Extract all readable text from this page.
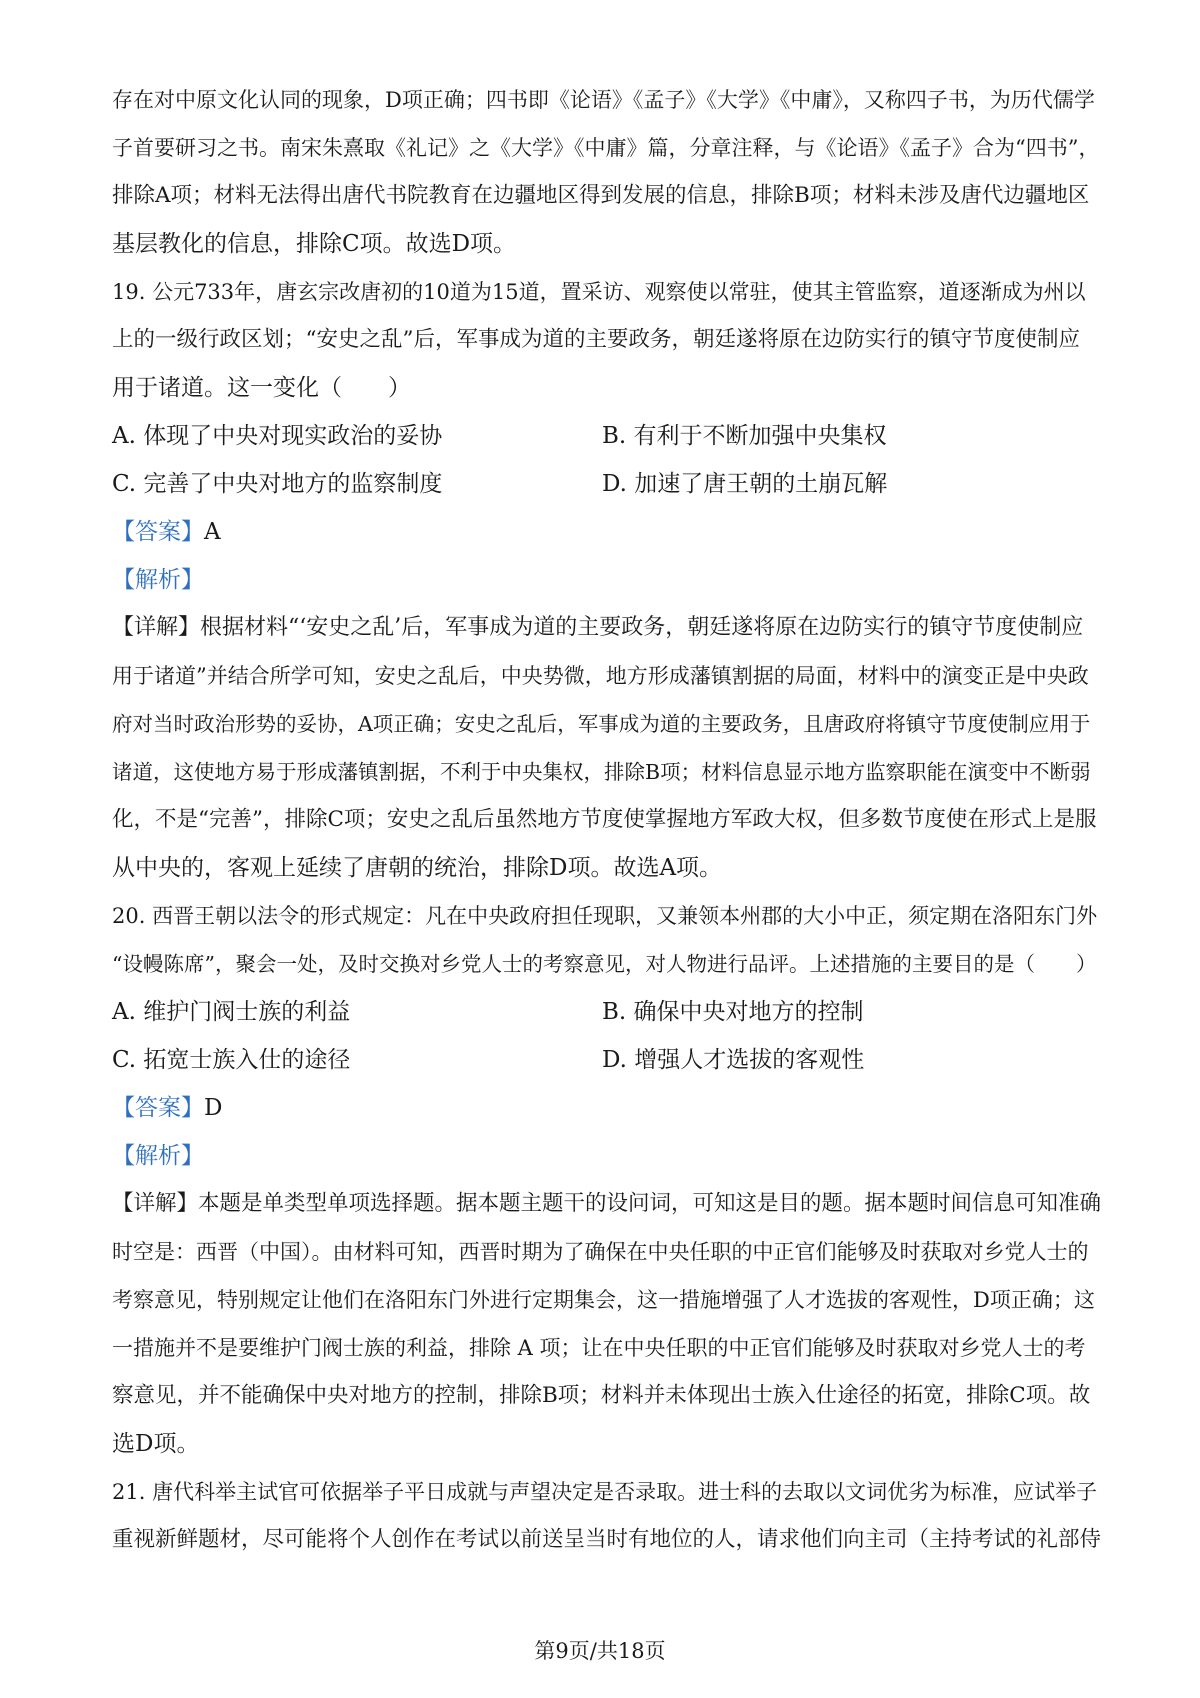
存在对中原文化认同的现象，D项正确；四书即《论语》《孟子》《大学》《中庸》，又称四子书，为历代儒学
子首要研习之书。南宋朱熹取《礼记》之《大学》《中庸》篇，分章注释，与《论语》《孟子》合为“四书”，
排除A项；材料无法得出唐代书院教育在边疆地区得到发展的信息，排除B项；材料未涉及唐代边疆地区
基层教化的信息，排除C项。故选D项。
19. 公元733年，唐玄宗改唐初的10道为15道，置采访、观察使以常驻，使其主管监察，道逐渐成为州以
上的一级行政区划；“安史之乱”后，军事成为道的主要政务，朝廷遂将原在边防实行的镇守节度使制应
用于诸道。这一变化（　　）
A. 体现了中央对现实政治的妥协	B. 有利于不断加强中央集权
C. 完善了中央对地方的监察制度	D. 加速了唐王朝的土崩瓦解
【答案】A
【解析】
【详解】根据材料“‘安史之乱’后，军事成为道的主要政务，朝廷遂将原在边防实行的镇守节度使制应
用于诸道”并结合所学可知，安史之乱后，中央势微，地方形成藩镇割据的局面，材料中的演变正是中央政
府对当时政治形势的妥协，A项正确；安史之乱后，军事成为道的主要政务，且唐政府将镇守节度使制应用于
诸道，这使地方易于形成藩镇割据，不利于中央集权，排除B项；材料信息显示地方监察职能在演变中不断弱
化，不是“完善”，排除C项；安史之乱后虽然地方节度使掌握地方军政大权，但多数节度使在形式上是服
从中央的，客观上延续了唐朝的统治，排除D项。故选A项。
20. 西晋王朝以法令的形式规定：凡在中央政府担任现职，又兼领本州郡的大小中正，须定期在洛阳东门外
“设幔陈席”，聚会一处，及时交换对乡党人士的考察意见，对人物进行品评。上述措施的主要目的是（　　）
A. 维护门阀士族的利益	B. 确保中央对地方的控制
C. 拓宽士族入仕的途径	D. 增强人才选拔的客观性
【答案】D
【解析】
【详解】本题是单类型单项选择题。据本题主题干的设问词，可知这是目的题。据本题时间信息可知准确
时空是：西晋（中国）。由材料可知，西晋时期为了确保在中央任职的中正官们能够及时获取对乡党人士的
考察意见，特别规定让他们在洛阳东门外进行定期集会，这一措施增强了人才选拔的客观性，D项正确；这
一措施并不是要维护门阀士族的利益，排除 A 项；让在中央任职的中正官们能够及时获取对乡党人士的考
察意见，并不能确保中央对地方的控制，排除B项；材料并未体现出士族入仕途径的拓宽，排除C项。故
选D项。
21. 唐代科举主试官可依据举子平日成就与声望决定是否录取。进士科的去取以文词优劣为标准，应试举子
重视新鲜题材，尽可能将个人创作在考试以前送呈当时有地位的人，请求他们向主司（主持考试的礼部侍
第9页/共18页
